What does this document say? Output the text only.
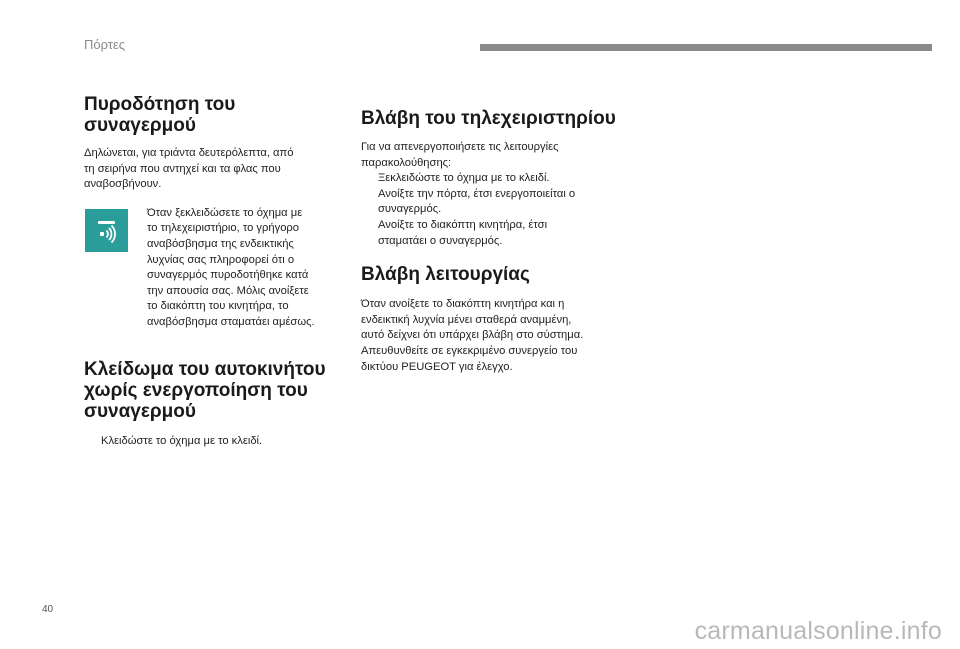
Πόρτες
Πυροδότηση του
συναγερμού

Δηλώνεται, για τριάντα δευτερόλεπτα, από
τη σειρήνα που αντηχεί και τα φλας που
αναβοσβήνουν.

Όταν ξεκλειδώσετε το όχημα με
το τηλεχειριστήριο, το γρήγορο
αναβόσβησμα της ενδεικτικής
λυχνίας σας πληροφορεί ότι ο
συναγερμός πυροδοτήθηκε κατά
την απουσία σας. Μόλις ανοίξετε
το διακόπτη του κινητήρα, το
αναβόσβησμα σταματάει αμέσως.

Κλείδωμα του αυτοκινήτου
χωρίς ενεργοποίηση του
συναγερμού
Κλειδώστε το όχημα με το κλειδί.
Βλάβη του τηλεχειριστηρίου

Για να απενεργοποιήσετε τις λειτουργίες
παρακολούθησης:

Ξεκλειδώστε το όχημα με το κλειδί.
Ανοίξτε την πόρτα, έτσι ενεργοποιείται ο
συναγερμός.
Ανοίξτε το διακόπτη κινητήρα, έτσι
σταματάει ο συναγερμός.
Βλάβη λειτουργίας

Όταν ανοίξετε το διακόπτη κινητήρα και η
ενδεικτική λυχνία μένει σταθερά αναμμένη,
αυτό δείχνει ότι υπάρχει βλάβη στο σύστημα.
Απευθυνθείτε σε εγκεκριμένο συνεργείο του
δικτύου PEUGEOT για έλεγχο.

40
carmanualsonline.info
